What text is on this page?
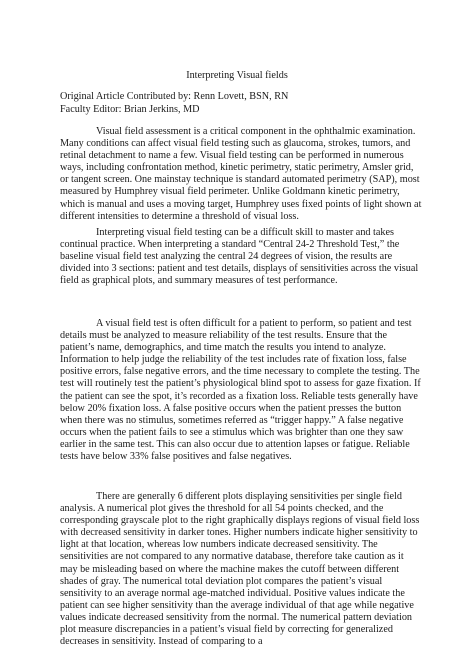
Interpreting Visual fields
Original Article Contributed by: Renn Lovett, BSN, RN
Faculty Editor: Brian Jerkins, MD

Visual field assessment is a critical component in the ophthalmic examination. Many conditions can affect visual field testing such as glaucoma, strokes, tumors, and retinal detachment to name a few. Visual field testing can be performed in numerous ways, including confrontation method, kinetic perimetry, static perimetry, Amsler grid, or tangent screen. One mainstay technique is standard automated perimetry (SAP), most measured by Humphrey visual field perimeter. Unlike Goldmann kinetic perimetry, which is manual and uses a moving target, Humphrey uses fixed points of light shown at different intensities to determine a threshold of visual loss.

Interpreting visual field testing can be a difficult skill to master and takes continual practice. When interpreting a standard “Central 24-2 Threshold Test,” the baseline visual field test analyzing the central 24 degrees of vision, the results are divided into 3 sections: patient and test details, displays of sensitivities across the visual field as graphical plots, and summary measures of test performance.

A visual field test is often difficult for a patient to perform, so patient and test details must be analyzed to measure reliability of the test results. Ensure that the patient’s name, demographics, and time match the results you intend to analyze. Information to help judge the reliability of the test includes rate of fixation loss, false positive errors, false negative errors, and the time necessary to complete the testing. The test will routinely test the patient’s physiological blind spot to assess for gaze fixation. If the patient can see the spot, it’s recorded as a fixation loss. Reliable tests generally have below 20% fixation loss. A false positive occurs when the patient presses the button when there was no stimulus, sometimes referred as “trigger happy.” A false negative occurs when the patient fails to see a stimulus which was brighter than one they saw earlier in the same test. This can also occur due to attention lapses or fatigue. Reliable tests have below 33% false positives and false negatives.

There are generally 6 different plots displaying sensitivities per single field analysis. A numerical plot gives the threshold for all 54 points checked, and the corresponding grayscale plot to the right graphically displays regions of visual field loss with decreased sensitivity in darker tones. Higher numbers indicate higher sensitivity to light at that location, whereas low numbers indicate decreased sensitivity. The sensitivities are not compared to any normative database, therefore take caution as it may be misleading based on where the machine makes the cutoff between different shades of gray. The numerical total deviation plot compares the patient’s visual sensitivity to an average normal age-matched individual. Positive values indicate the patient can see higher sensitivity than the average individual of that age while negative values indicate decreased sensitivity from the normal. The numerical pattern deviation plot measure discrepancies in a patient’s visual field by correcting for generalized decreases in sensitivity. Instead of comparing to a
